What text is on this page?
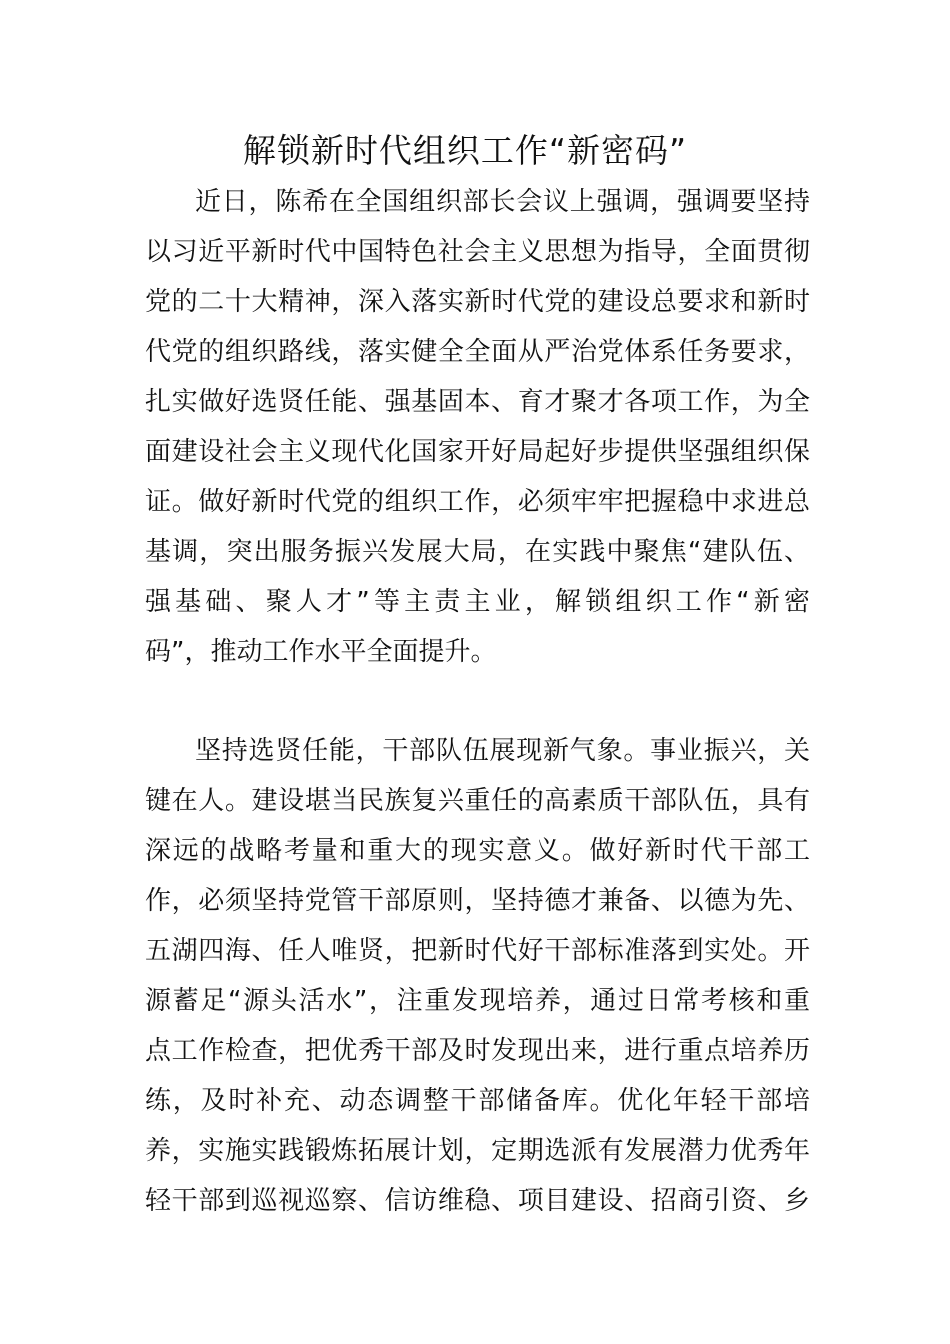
解锁新时代组织工作“新密码”
近日，陈希在全国组织部长会议上强调，强调要坚持
以习近平新时代中国特色社会主义思想为指导，全面贯彻
党的二十大精神，深入落实新时代党的建设总要求和新时
代党的组织路线，落实健全全面从严治党体系任务要求，
扎实做好选贤任能、强基固本、育才聚才各项工作，为全
面建设社会主义现代化国家开好局起好步提供坚强组织保
证。做好新时代党的组织工作，必须牢牢把握稳中求进总
基调，突出服务振兴发展大局，在实践中聚焦“建队伍、
强基础、聚人才”等主责主业，解锁组织工作“新密
码”，推动工作水平全面提升。
坚持选贤任能，干部队伍展现新气象。事业振兴，关
键在人。建设堪当民族复兴重任的高素质干部队伍，具有
深远的战略考量和重大的现实意义。做好新时代干部工
作，必须坚持党管干部原则，坚持德才兼备、以德为先、
五湖四海、任人唯贤，把新时代好干部标准落到实处。开
源蓄足“源头活水”，注重发现培养，通过日常考核和重
点工作检查，把优秀干部及时发现出来，进行重点培养历
练，及时补充、动态调整干部储备库。优化年轻干部培
养，实施实践锻炼拓展计划，定期选派有发展潜力优秀年
轻干部到巡视巡察、信访维稳、项目建设、招商引资、乡
